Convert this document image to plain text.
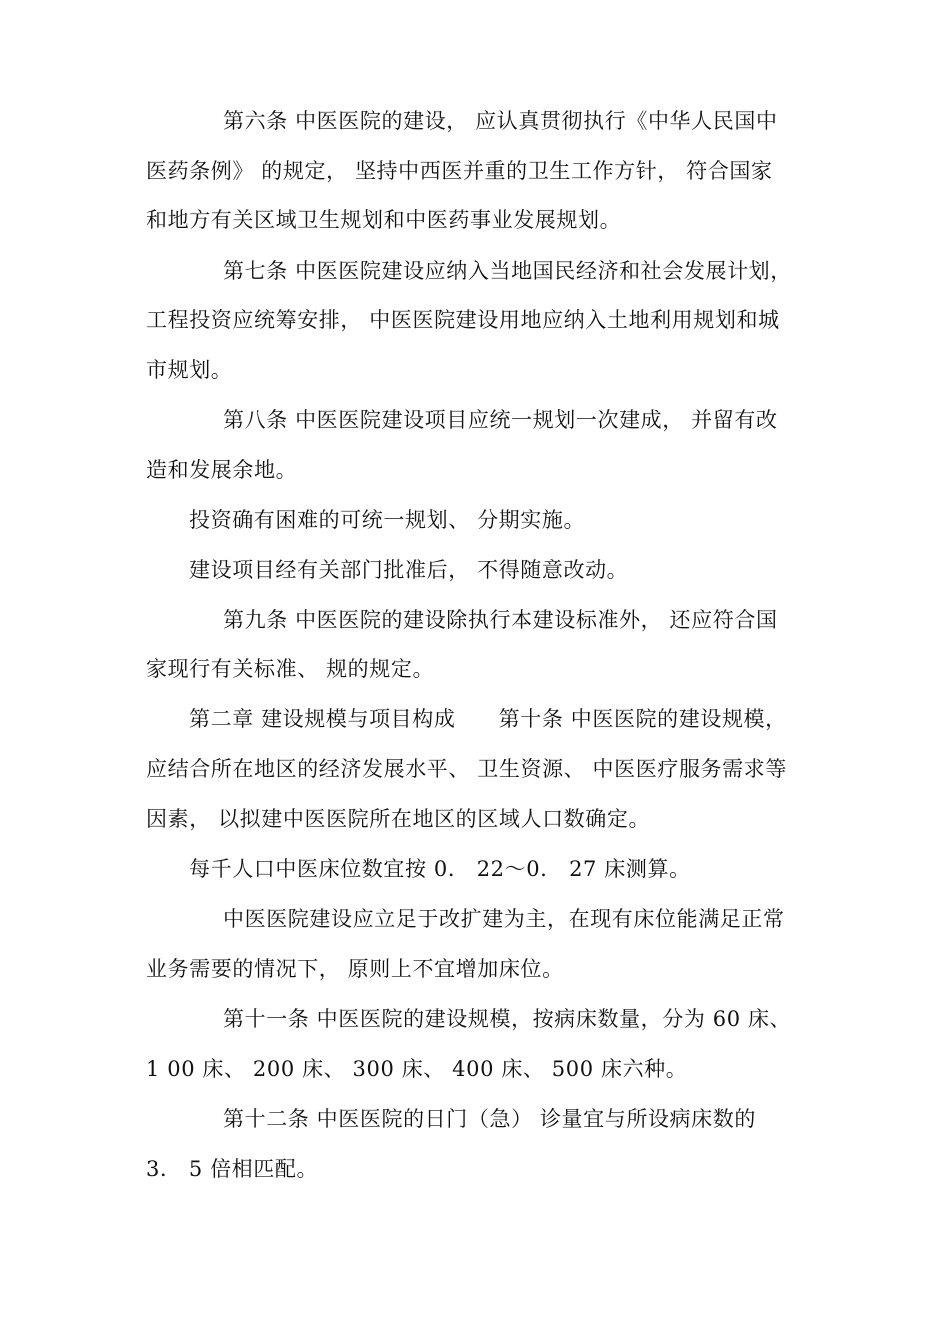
第六条 中医医院的建设， 应认真贯彻执行《中华人民国中
医药条例》 的规定， 坚持中西医并重的卫生工作方针， 符合国家
和地方有关区域卫生规划和中医药事业发展规划。
第七条 中医医院建设应纳入当地国民经济和社会发展计划，
工程投资应统筹安排， 中医医院建设用地应纳入土地利用规划和城
市规划。
第八条 中医医院建设项目应统一规划一次建成， 并留有改
造和发展余地。
投资确有困难的可统一规划、 分期实施。
建设项目经有关部门批准后， 不得随意改动。
第九条 中医医院的建设除执行本建设标准外， 还应符合国
家现行有关标准、 规的规定。
第二章 建设规模与项目构成　　第十条 中医医院的建设规模，
应结合所在地区的经济发展水平、 卫生资源、 中医医疗服务需求等
因素， 以拟建中医医院所在地区的区域人口数确定。
每千人口中医床位数宜按 0． 22～0． 27 床测算。
中医医院建设应立足于改扩建为主，在现有床位能满足正常
业务需要的情况下， 原则上不宜增加床位。
第十一条 中医医院的建设规模，按病床数量，分为 60 床、
1 00 床、 200 床、 300 床、 400 床、 500 床六种。
第十二条 中医医院的日门（急） 诊量宜与所设病床数的
3． 5 倍相匹配。
